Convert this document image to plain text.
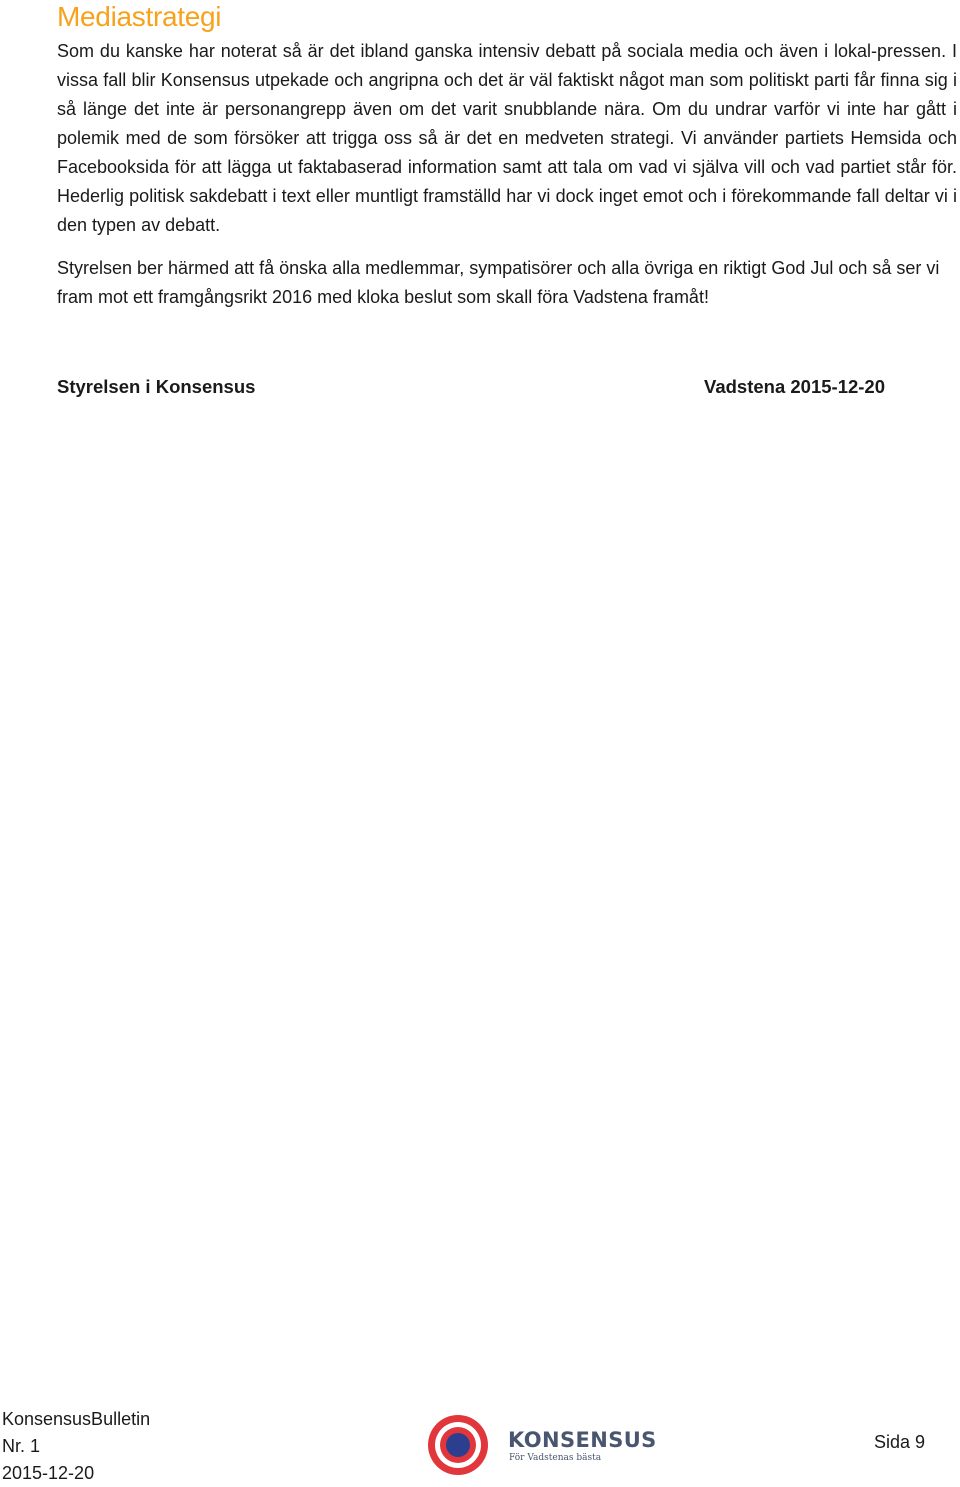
Mediastrategi

Som du kanske har noterat så är det ibland ganska intensiv debatt på sociala media och även i lokal-pressen. I vissa fall blir Konsensus utpekade och angripna och det är väl faktiskt något man som politiskt parti får finna sig i så länge det inte är personangrepp även om det varit snubblande nära. Om du undrar varför vi inte har gått i polemik med de som försöker att trigga oss så är det en medveten strategi. Vi använder partiets Hemsida och Facebooksida för att lägga ut faktabaserad information samt att tala om vad vi själva vill och vad partiet står för. Hederlig politisk sakdebatt i text eller muntligt framställd har vi dock inget emot och i förekommande fall deltar vi i den typen av debatt.

Styrelsen ber härmed att få önska alla medlemmar, sympatisörer och alla övriga en riktigt God Jul och så ser vi fram mot ett framgångsrikt 2016 med kloka beslut som skall föra Vadstena framåt!

Styrelsen i Konsensus	Vadstena 2015-12-20
KonsensusBulletin
Nr. 1
2015-12-20
KONSENSUS
För Vadstenas bästa
Sida 9
